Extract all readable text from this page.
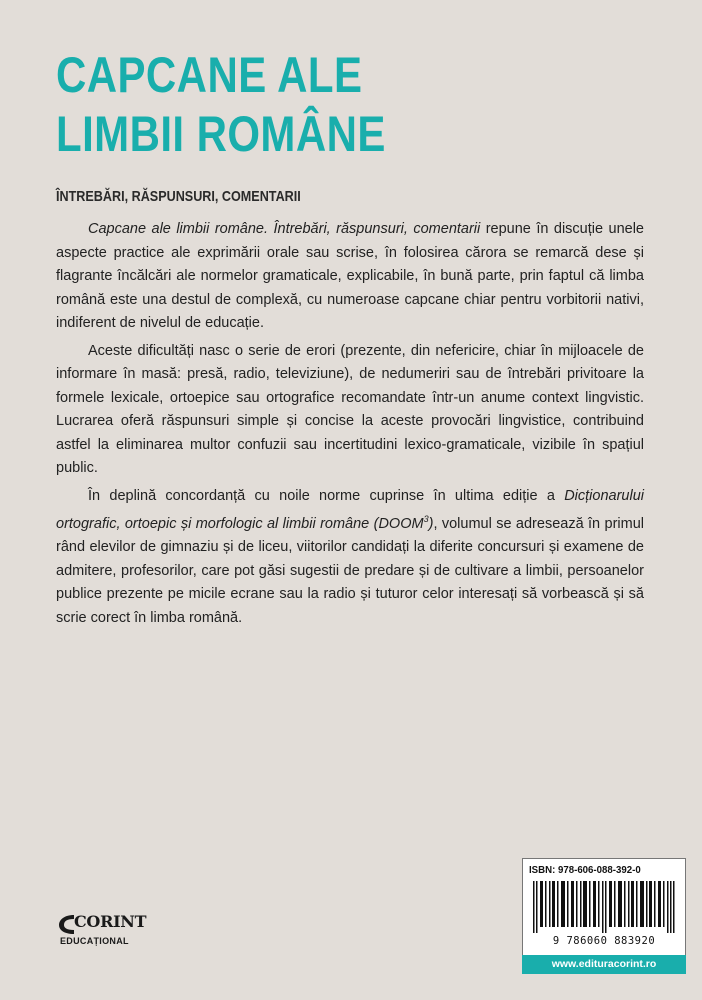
CAPCANE ALE
LIMBII ROMÂNE
ÎNTREBĂRI, RĂSPUNSURI, COMENTARII

Capcane ale limbii române. Întrebări, răspunsuri, comentarii repune în discuție unele aspecte practice ale exprimării orale sau scrise, în folosirea cărora se remarcă dese și flagrante încălcări ale normelor gramaticale, explicabile, în bună parte, prin faptul că limba română este una destul de complexă, cu numeroase capcane chiar pentru vorbitorii nativi, indiferent de nivelul de educație.

Aceste dificultăți nasc o serie de erori (prezente, din nefericire, chiar în mijloacele de informare în masă: presă, radio, televiziune), de nedumeriri sau de întrebări privitoare la formele lexicale, ortoepice sau ortografice recomandate într-un anume context lingvistic. Lucrarea oferă răspunsuri simple și concise la aceste provocări lingvistice, contribuind astfel la eliminarea multor confuzii sau incertitudini lexico-gramaticale, vizibile în spațiul public.

În deplină concordanță cu noile norme cuprinse în ultima ediție a Dicționarului ortografic, ortoepic și morfologic al limbii române (DOOM$^3$), volumul se adresează în primul rând elevilor de gimnaziu și de liceu, viitorilor candidați la diferite concursuri și examene de admitere, profesorilor, care pot găsi sugestii de predare și de cultivare a limbii, persoanelor publice prezente pe micile ecrane sau la radio și tuturor celor interesați să vorbească și să scrie corect în limba română.

CORINT
EDUCAȚIONAL
ISBN: 978-606-088-392-0
9 786060 883920
www.edituracorint.ro
